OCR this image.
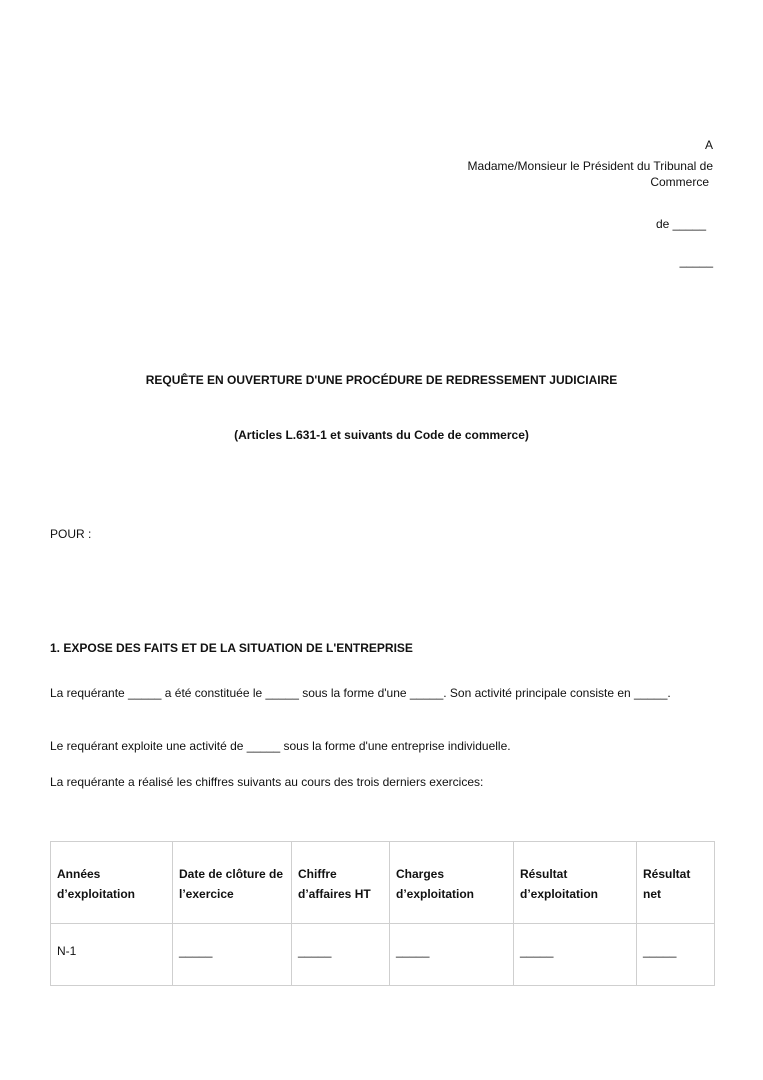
A
Madame/Monsieur le Président du Tribunal de
Commerce
de _____
_____
REQUÊTE EN OUVERTURE D'UNE PROCÉDURE DE REDRESSEMENT JUDICIAIRE
(Articles L.631-1 et suivants du Code de commerce)
POUR :
1. EXPOSE DES FAITS ET DE LA SITUATION DE L'ENTREPRISE

La requérante _____ a été constituée le _____ sous la forme d'une _____. Son activité principale consiste en _____.

Le requérant exploite une activité de _____ sous la forme d'une entreprise individuelle.

La requérante a réalisé les chiffres suivants au cours des trois derniers exercices:

Années d’exploitation	Date de clôture de l’exercice	Chiffre d’affaires HT	Charges d’exploitation	Résultat d’exploitation	Résultat net
N-1	_____	_____	_____	_____	_____
